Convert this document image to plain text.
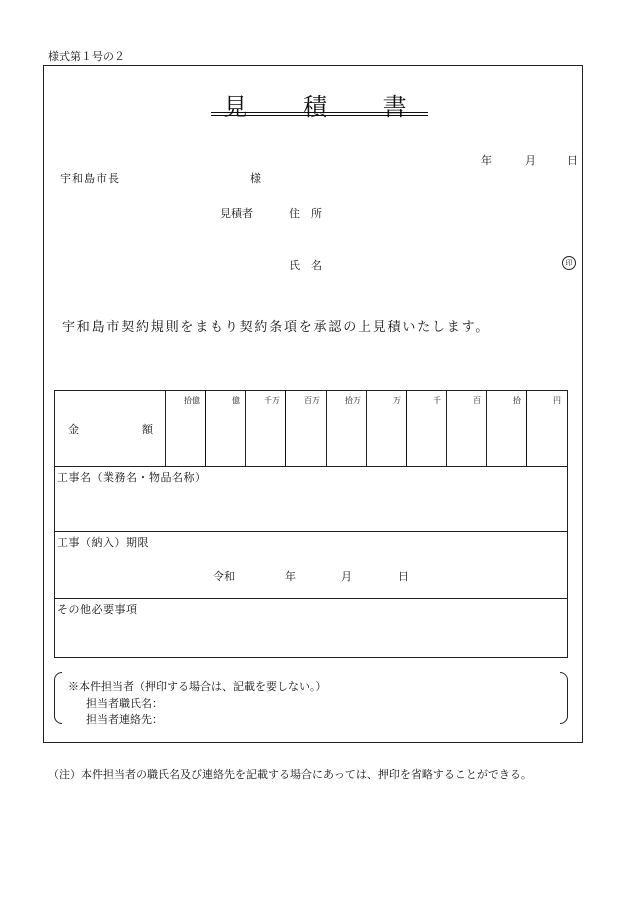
様式第１号の２
見 積 書
年	月	日
宇和島市長	様
見積者	住　所
氏　名	印
宇和島市契約規則をまもり契約条項を承認の上見積いたします。
金	額
拾億	億	千万	百万	拾万	万	千	百	拾	円
工事名（業務名・物品名称）
工事（納入）期限
令和	年	月	日
その他必要事項
※本件担当者（押印する場合は、記載を要しない。）
担当者職氏名：
担当者連絡先：
（注）本件担当者の職氏名及び連絡先を記載する場合にあっては、押印を省略することができる。
